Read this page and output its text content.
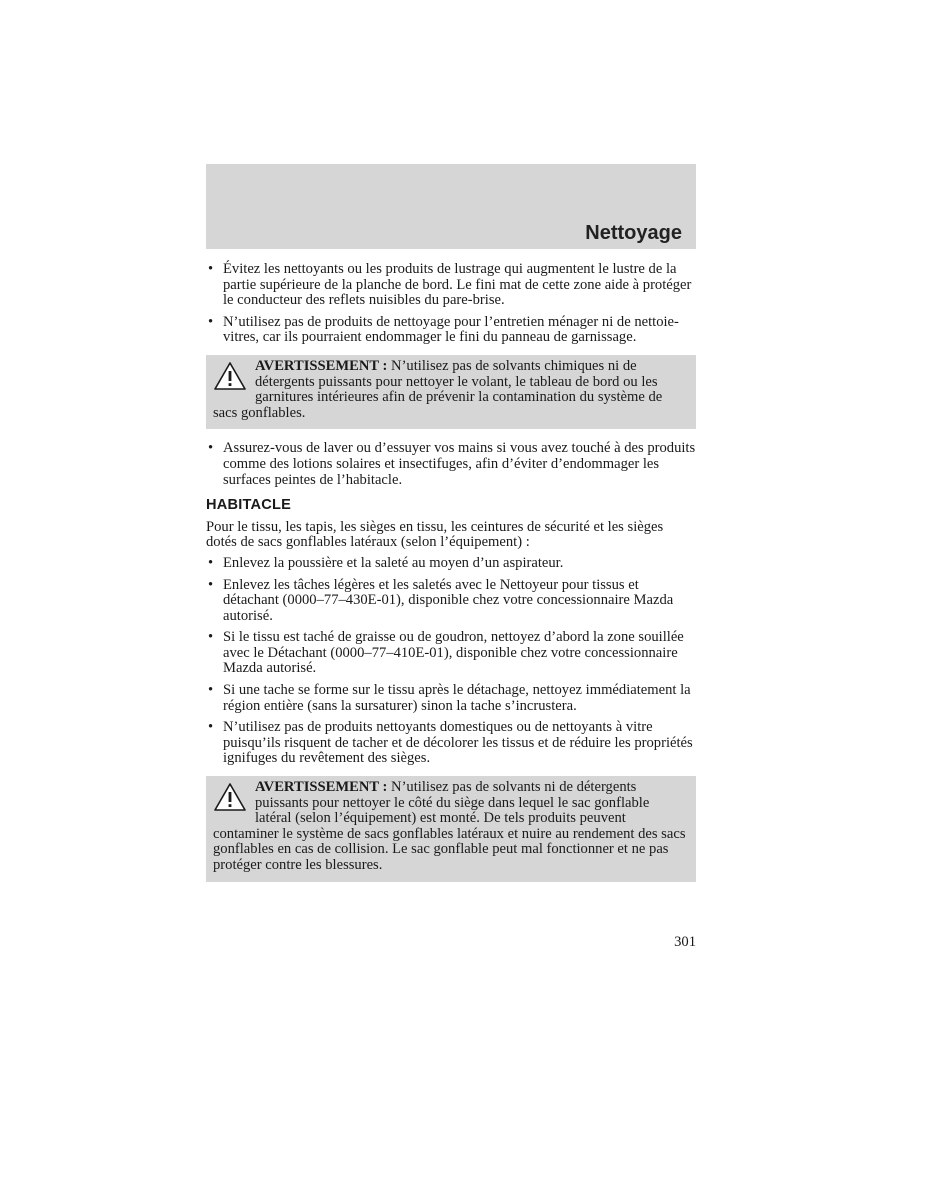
Nettoyage
• Évitez les nettoyants ou les produits de lustrage qui augmentent le lustre de la partie supérieure de la planche de bord. Le fini mat de cette zone aide à protéger le conducteur des reflets nuisibles du pare-brise.
• N’utilisez pas de produits de nettoyage pour l’entretien ménager ni de nettoie-vitres, car ils pourraient endommager le fini du panneau de garnissage.
AVERTISSEMENT : N’utilisez pas de solvants chimiques ni de détergents puissants pour nettoyer le volant, le tableau de bord ou les garnitures intérieures afin de prévenir la contamination du système de sacs gonflables.
• Assurez-vous de laver ou d’essuyer vos mains si vous avez touché à des produits comme des lotions solaires et insectifuges, afin d’éviter d’endommager les surfaces peintes de l’habitacle.
HABITACLE

Pour le tissu, les tapis, les sièges en tissu, les ceintures de sécurité et les sièges dotés de sacs gonflables latéraux (selon l’équipement) :

• Enlevez la poussière et la saleté au moyen d’un aspirateur.
• Enlevez les tâches légères et les saletés avec le Nettoyeur pour tissus et détachant (0000–77–430E-01), disponible chez votre concessionnaire Mazda autorisé.
• Si le tissu est taché de graisse ou de goudron, nettoyez d’abord la zone souillée avec le Détachant (0000–77–410E-01), disponible chez votre concessionnaire Mazda autorisé.
• Si une tache se forme sur le tissu après le détachage, nettoyez immédiatement la région entière (sans la sursaturer) sinon la tache s’incrustera.
• N’utilisez pas de produits nettoyants domestiques ou de nettoyants à vitre puisqu’ils risquent de tacher et de décolorer les tissus et de réduire les propriétés ignifuges du revêtement des sièges.
AVERTISSEMENT : N’utilisez pas de solvants ni de détergents puissants pour nettoyer le côté du siège dans lequel le sac gonflable latéral (selon l’équipement) est monté. De tels produits peuvent contaminer le système de sacs gonflables latéraux et nuire au rendement des sacs gonflables en cas de collision. Le sac gonflable peut mal fonctionner et ne pas protéger contre les blessures.
301
